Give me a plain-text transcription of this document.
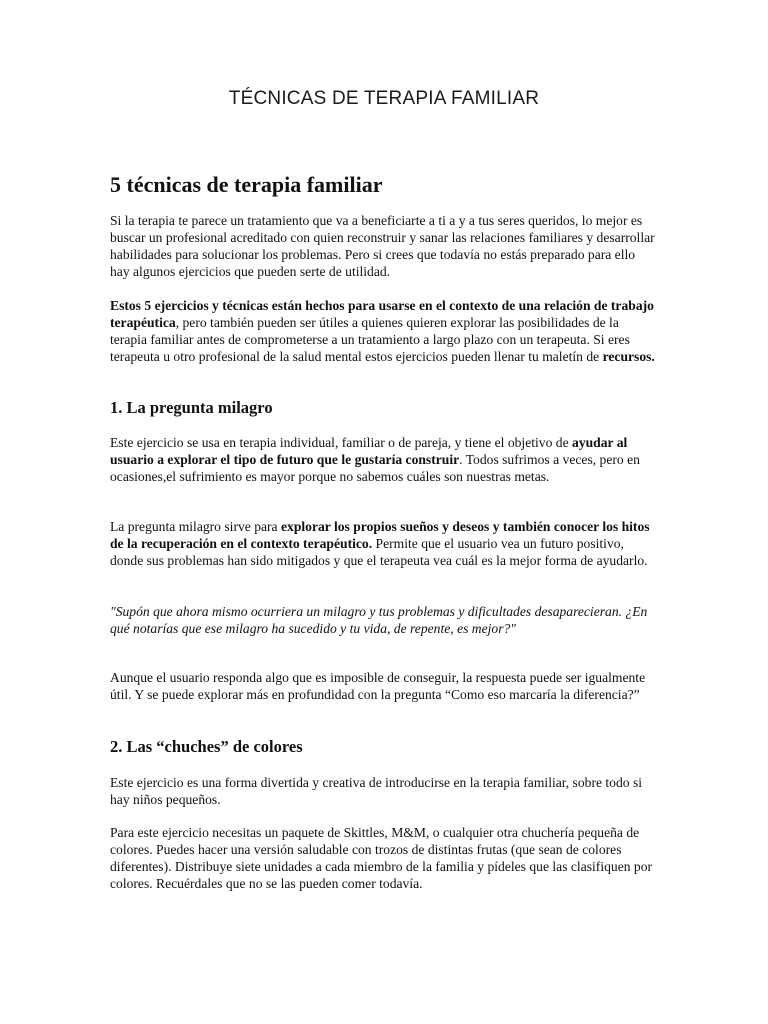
TÉCNICAS DE TERAPIA FAMILIAR
5 técnicas de terapia familiar
Si la terapia te parece un tratamiento que va a beneficiarte a ti a y a tus seres queridos, lo mejor es buscar un profesional acreditado con quien reconstruir y sanar las relaciones familiares y desarrollar habilidades para solucionar los problemas. Pero si crees que todavía no estás preparado para ello hay algunos ejercicios que pueden serte de utilidad.
Estos 5 ejercicios y técnicas están hechos para usarse en el contexto de una relación de trabajo terapéutica, pero también pueden ser útiles a quienes quieren explorar las posibilidades de la terapia familiar antes de comprometerse a un tratamiento a largo plazo con un terapeuta. Si eres terapeuta u otro profesional de la salud mental estos ejercicios pueden llenar tu maletín de recursos.
1. La pregunta milagro
Este ejercicio se usa en terapia individual, familiar o de pareja, y tiene el objetivo de ayudar al usuario a explorar el tipo de futuro que le gustaría construir. Todos sufrimos a veces, pero en ocasiones,el sufrimiento es mayor porque no sabemos cuáles son nuestras metas.
La pregunta milagro sirve para explorar los propios sueños y deseos y también conocer los hitos de la recuperación en el contexto terapéutico. Permite que el usuario vea un futuro positivo, donde sus problemas han sido mitigados y que el terapeuta vea cuál es la mejor forma de ayudarlo.
"Supón que ahora mismo ocurriera un milagro y tus problemas y dificultades desaparecieran. ¿En qué notarías que ese milagro ha sucedido y tu vida, de repente, es mejor?"
Aunque el usuario responda algo que es imposible de conseguir, la respuesta puede ser igualmente útil. Y se puede explorar más en profundidad con la pregunta “Como eso marcaría la diferencia?”
2. Las “chuches” de colores
Este ejercicio es una forma divertida y creativa de introducirse en la terapia familiar, sobre todo si hay niños pequeños.
Para este ejercicio necesitas un paquete de Skittles, M&M, o cualquier otra chuchería pequeña de colores. Puedes hacer una versión saludable con trozos de distintas frutas (que sean de colores diferentes). Distribuye siete unidades a cada miembro de la familia y pídeles que las clasifiquen por colores. Recuérdales que no se las pueden comer todavía.
